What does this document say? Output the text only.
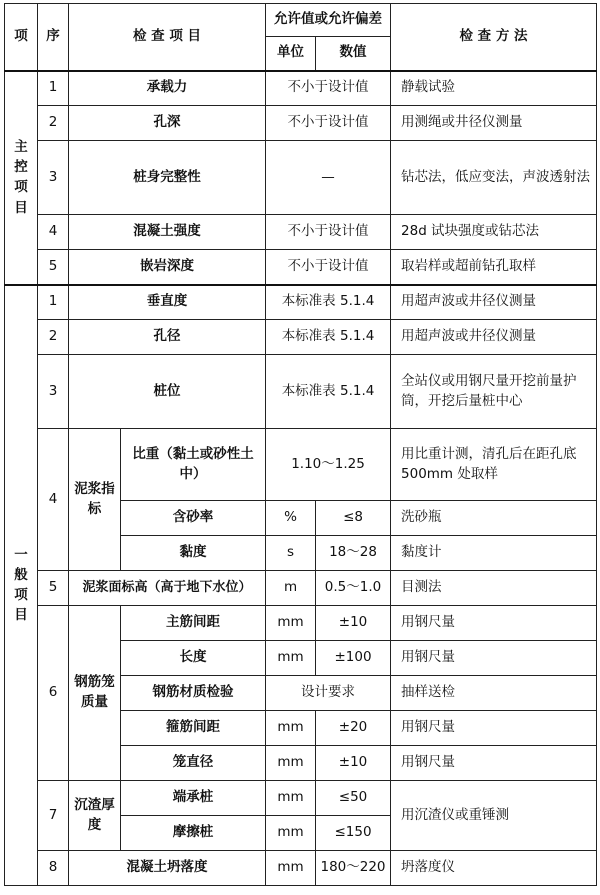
项	序	检 查 项 目		允许值或允许偏差		检 查 方 法
				单位	数值	
主控项目	1	承载力		不小于设计值		静载试验
	2	孔深		不小于设计值		用测绳或井径仪测量
	3	桩身完整性		—		钻芯法，低应变法，声波透射法
	4	混凝土强度		不小于设计值		28d 试块强度或钻芯法
	5	嵌岩深度		不小于设计值		取岩样或超前钻孔取样
一般项目	1	垂直度		本标准表 5.1.4		用超声波或井径仪测量
	2	孔径		本标准表 5.1.4		用超声波或井径仪测量
	3	桩位		本标准表 5.1.4		全站仪或用钢尺量开挖前量护筒，开挖后量桩中心
	4	泥浆指标	比重（黏土或砂性土中）	1.10～1.25		用比重计测，清孔后在距孔底 500mm 处取样
			含砂率	%	≤8	洗砂瓶
			黏度	s	18～28	黏度计
	5	泥浆面标高（高于地下水位）		m	0.5～1.0	目测法
	6	钢筋笼质量	主筋间距	mm	±10	用钢尺量
			长度	mm	±100	用钢尺量
			钢筋材质检验	设计要求		抽样送检
			箍筋间距	mm	±20	用钢尺量
			笼直径	mm	±10	用钢尺量
	7	沉渣厚度	端承桩	mm	≤50	用沉渣仪或重锤测
			摩擦桩	mm	≤150	
	8	混凝土坍落度		mm	180～220	坍落度仪
